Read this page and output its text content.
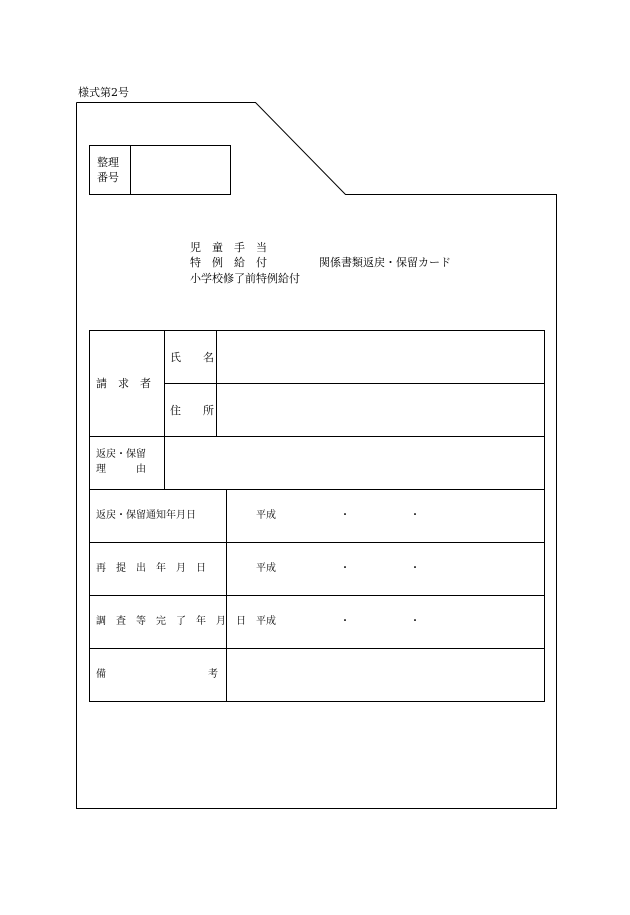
様式第2号
整理
番号
児　童　手　当
特　例　給　付
小学校修了前特例給付
関係書類返戻・保留カード
請　求　者
氏　　名
住　　所
返戻・保留
理　　　由
返戻・保留通知年月日	平成	・	・
再　提　出　年　月　日	平成	・	・
調　査　等　完　了　年　月　日 平成	・	・
備	考
